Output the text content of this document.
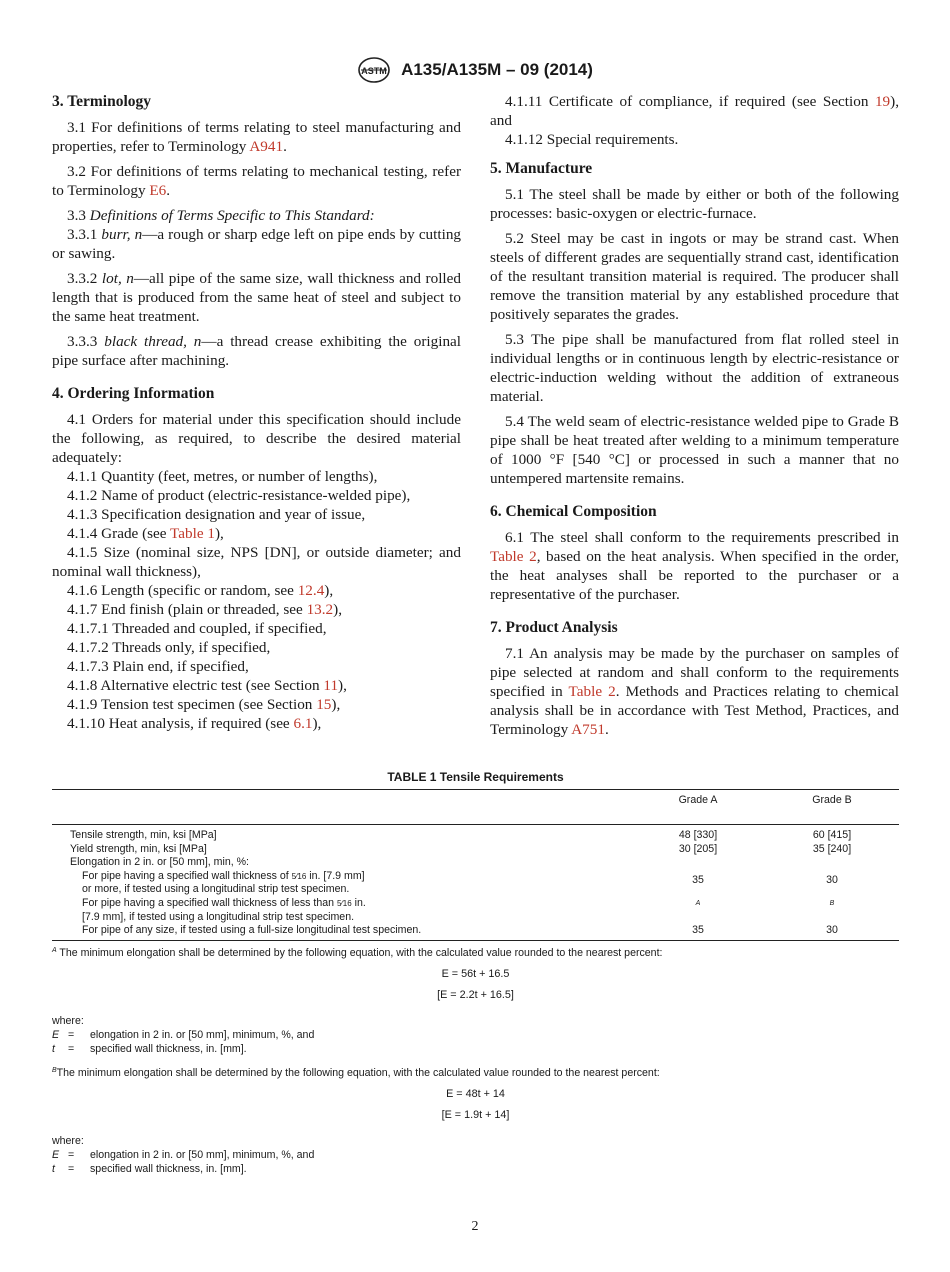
ASTM A135/A135M – 09 (2014)
3. Terminology
3.1 For definitions of terms relating to steel manufacturing and properties, refer to Terminology A941.
3.2 For definitions of terms relating to mechanical testing, refer to Terminology E6.
3.3 Definitions of Terms Specific to This Standard:
3.3.1 burr, n—a rough or sharp edge left on pipe ends by cutting or sawing.
3.3.2 lot, n—all pipe of the same size, wall thickness and rolled length that is produced from the same heat of steel and subject to the same heat treatment.
3.3.3 black thread, n—a thread crease exhibiting the original pipe surface after machining.
4. Ordering Information
4.1 Orders for material under this specification should include the following, as required, to describe the desired material adequately:
4.1.1 Quantity (feet, metres, or number of lengths),
4.1.2 Name of product (electric-resistance-welded pipe),
4.1.3 Specification designation and year of issue,
4.1.4 Grade (see Table 1),
4.1.5 Size (nominal size, NPS [DN], or outside diameter; and nominal wall thickness),
4.1.6 Length (specific or random, see 12.4),
4.1.7 End finish (plain or threaded, see 13.2),
4.1.7.1 Threaded and coupled, if specified,
4.1.7.2 Threads only, if specified,
4.1.7.3 Plain end, if specified,
4.1.8 Alternative electric test (see Section 11),
4.1.9 Tension test specimen (see Section 15),
4.1.10 Heat analysis, if required (see 6.1),
4.1.11 Certificate of compliance, if required (see Section 19), and
4.1.12 Special requirements.
5. Manufacture
5.1 The steel shall be made by either or both of the following processes: basic-oxygen or electric-furnace.
5.2 Steel may be cast in ingots or may be strand cast. When steels of different grades are sequentially strand cast, identification of the resultant transition material is required. The producer shall remove the transition material by any established procedure that positively separates the grades.
5.3 The pipe shall be manufactured from flat rolled steel in individual lengths or in continuous length by electric-resistance or electric-induction welding without the addition of extraneous material.
5.4 The weld seam of electric-resistance welded pipe to Grade B pipe shall be heat treated after welding to a minimum temperature of 1000 °F [540 °C] or processed in such a manner that no untempered martensite remains.
6. Chemical Composition
6.1 The steel shall conform to the requirements prescribed in Table 2, based on the heat analysis. When specified in the order, the heat analyses shall be reported to the purchaser or a representative of the purchaser.
7. Product Analysis
7.1 An analysis may be made by the purchaser on samples of pipe selected at random and shall conform to the requirements specified in Table 2. Methods and Practices relating to chemical analysis shall be in accordance with Test Method, Practices, and Terminology A751.
TABLE 1 Tensile Requirements
	Grade A	Grade B

Tensile strength, min, ksi [MPa]	48 [330]	60 [415]
Yield strength, min, ksi [MPa]	30 [205]	35 [240]
Elongation in 2 in. or [50 mm], min, %:		
For pipe having a specified wall thickness of 5⁄16 in. [7.9 mm] or more, if tested using a longitudinal strip test specimen.	35	30
For pipe having a specified wall thickness of less than 5⁄16 in. [7.9 mm], if tested using a longitudinal strip test specimen.	$^A$	$^B$
For pipe of any size, if tested using a full-size longitudinal test specimen.	35	30
$^A$ The minimum elongation shall be determined by the following equation, with the calculated value rounded to the nearest percent:
E = 56t + 16.5
[E = 2.2t + 16.5]
where:
E =	elongation in 2 in. or [50 mm], minimum, %, and
t	=	specified wall thickness, in. [mm].
$^B$The minimum elongation shall be determined by the following equation, with the calculated value rounded to the nearest percent:
E = 48t + 14
[E = 1.9t + 14]
where:
E =	elongation in 2 in. or [50 mm], minimum, %, and
t	=	specified wall thickness, in. [mm].
2
